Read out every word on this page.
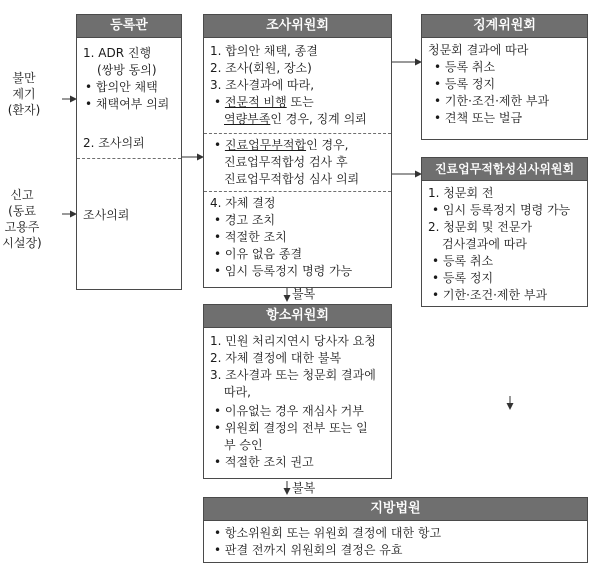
불만
제기
(환자)
신고
(동료
고용주
시설장)
등록관
1. ADR 진행
(쌍방 동의)
• 합의안 채택
• 채택여부 의뢰
2. 조사의뢰
조사의뢰
조사위원회
1. 합의안 채택, 종결
2. 조사(회원, 장소)
3. 조사결과에 따라,
• 전문적 비행 또는
역량부족인 경우, 징계 의뢰
• 진료업무부적합인 경우,
진료업무적합성 검사 후
진료업무적합성 심사 의뢰
4. 자체 결정
• 경고 조치
• 적절한 조치
• 이유 없음 종결
• 임시 등록정지 명령 가능
징계위원회
청문회 결과에 따라
• 등록 취소
• 등록 정지
• 기한·조건·제한 부과
• 견책 또는 벌금
진료업무적합성심사위원회
1. 청문회 전
• 임시 등록정지 명령 가능
2. 청문회 및 전문가
검사결과에 따라
• 등록 취소
• 등록 정지
• 기한·조건·제한 부과
불복
항소위원회
1. 민원 처리지연시 당사자 요청
2. 자체 결정에 대한 불복
3. 조사결과 또는 청문회 결과에
따라,
• 이유없는 경우 재심사 거부
• 위원회 결정의 전부 또는 일
부 승인
• 적절한 조치 권고
불복
지방법원
• 항소위원회 또는 위원회 결정에 대한 항고
• 판결 전까지 위원회의 결정은 유효
